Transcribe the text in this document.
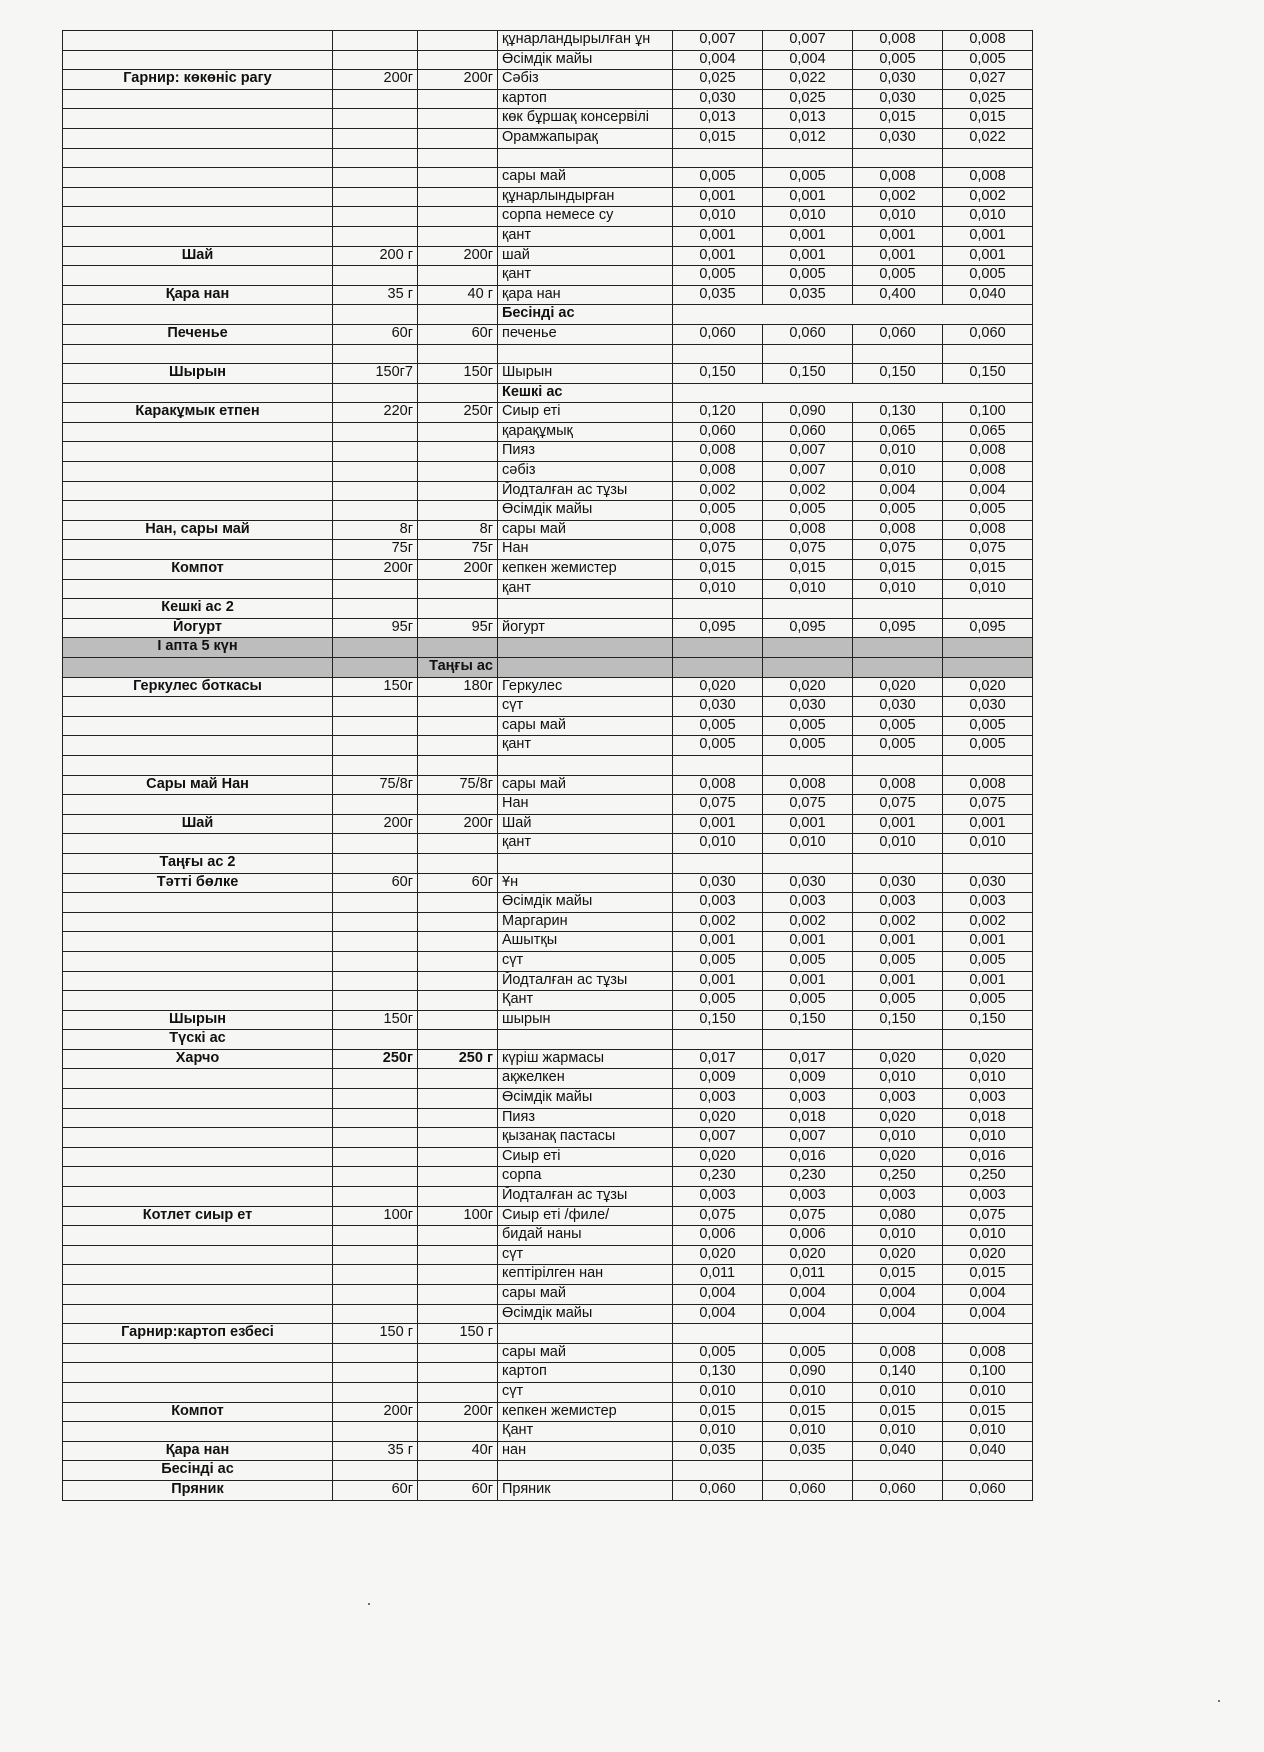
			құнарландырылған ұн	0,007	0,007	0,008	0,008
			Өсімдік майы	0,004	0,004	0,005	0,005
Гарнир: көкөніс рагу	200г	200г	Сәбіз	0,025	0,022	0,030	0,027
			картоп	0,030	0,025	0,030	0,025
			көк бұршақ консервілі	0,013	0,013	0,015	0,015
			Орамжапырақ	0,015	0,012	0,030	0,022

			сары май	0,005	0,005	0,008	0,008
			құнарлындырған	0,001	0,001	0,002	0,002
			сорпа немесе су	0,010	0,010	0,010	0,010
			қант	0,001	0,001	0,001	0,001
Шай	200 г	200г	шай	0,001	0,001	0,001	0,001
			қант	0,005	0,005	0,005	0,005
Қара нан	35 г	40 г	қара нан	0,035	0,035	0,400	0,040
			Бесінді ас				
Печенье	60г	60г	печенье	0,060	0,060	0,060	0,060

Шырын	150г7	150г	Шырын	0,150	0,150	0,150	0,150
			Кешкі ас				
Каракұмык етпен	220г	250г	Сиыр еті	0,120	0,090	0,130	0,100
			қарақұмық	0,060	0,060	0,065	0,065
			Пияз	0,008	0,007	0,010	0,008
			сәбіз	0,008	0,007	0,010	0,008
			Йодталған ас тұзы	0,002	0,002	0,004	0,004
			Өсімдік майы	0,005	0,005	0,005	0,005
Нан, сары май	8г	8г	сары май	0,008	0,008	0,008	0,008
	75г	75г	Нан	0,075	0,075	0,075	0,075
Компот	200г	200г	кепкен жемистер	0,015	0,015	0,015	0,015
			қант	0,010	0,010	0,010	0,010
Кешкі ас 2							
Йогурт	95г	95г	йогурт	0,095	0,095	0,095	0,095
І апта 5 күн							
		Таңғы ас					
Геркулес боткасы	150г	180г	Геркулес	0,020	0,020	0,020	0,020
			сүт	0,030	0,030	0,030	0,030
			сары май	0,005	0,005	0,005	0,005
			қант	0,005	0,005	0,005	0,005

Сары май Нан	75/8г	75/8г	сары май	0,008	0,008	0,008	0,008
			Нан	0,075	0,075	0,075	0,075
Шай	200г	200г	Шай	0,001	0,001	0,001	0,001
			қант	0,010	0,010	0,010	0,010
Таңғы ас 2							
Тәтті бөлке	60г	60г	Ұн	0,030	0,030	0,030	0,030
			Өсімдік майы	0,003	0,003	0,003	0,003
			Маргарин	0,002	0,002	0,002	0,002
			Ашытқы	0,001	0,001	0,001	0,001
			сүт	0,005	0,005	0,005	0,005
			Йодталған ас тұзы	0,001	0,001	0,001	0,001
			Қант	0,005	0,005	0,005	0,005
Шырын	150г		шырын	0,150	0,150	0,150	0,150
Түскі ас							
Харчо	250г	250 г	күріш жармасы	0,017	0,017	0,020	0,020
			ақжелкен	0,009	0,009	0,010	0,010
			Өсімдік майы	0,003	0,003	0,003	0,003
			Пияз	0,020	0,018	0,020	0,018
			қызанақ пастасы	0,007	0,007	0,010	0,010
			Сиыр еті	0,020	0,016	0,020	0,016
			сорпа	0,230	0,230	0,250	0,250
			Йодталған ас тұзы	0,003	0,003	0,003	0,003
Котлет сиыр ет	100г	100г	Сиыр еті /филе/	0,075	0,075	0,080	0,075
			бидай наны	0,006	0,006	0,010	0,010
			сүт	0,020	0,020	0,020	0,020
			кептірілген нан	0,011	0,011	0,015	0,015
			сары май	0,004	0,004	0,004	0,004
			Өсімдік майы	0,004	0,004	0,004	0,004
Гарнир:картоп езбесі	150 г	150 г					
			сары май	0,005	0,005	0,008	0,008
			картоп	0,130	0,090	0,140	0,100
			сүт	0,010	0,010	0,010	0,010
Компот	200г	200г	кепкен жемистер	0,015	0,015	0,015	0,015
			Қант	0,010	0,010	0,010	0,010
Қара нан	35 г	40г	нан	0,035	0,035	0,040	0,040
Бесінді ас							
Пряник	60г	60г	Пряник	0,060	0,060	0,060	0,060
